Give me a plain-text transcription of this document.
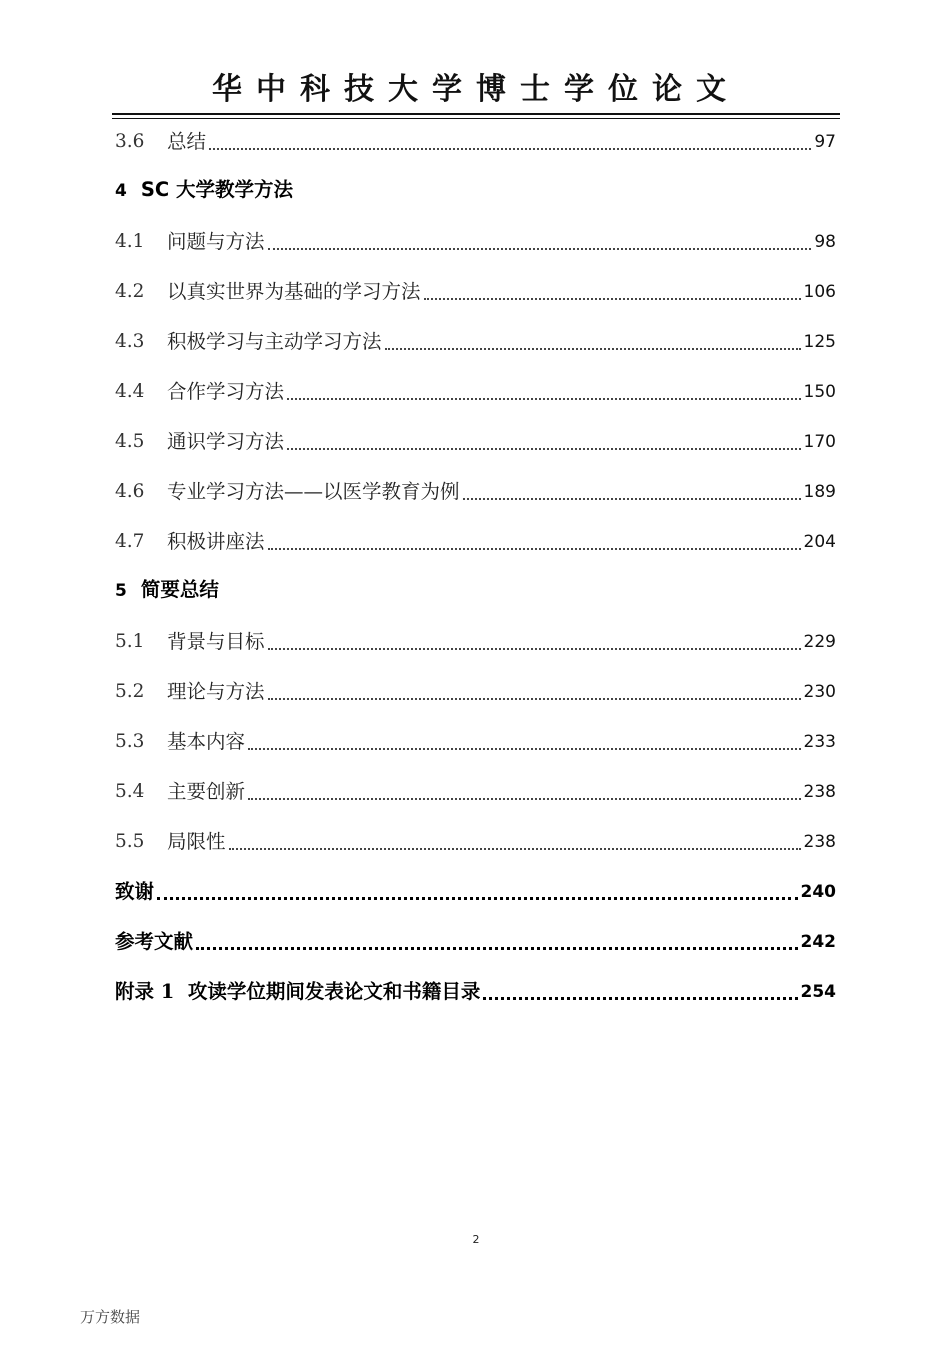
华中科技大学博士学位论文
3.6	总结	97
4 SC 大学教学方法
4.1	问题与方法	98
4.2	以真实世界为基础的学习方法	106
4.3	积极学习与主动学习方法	125
4.4	合作学习方法	150
4.5	通识学习方法	170
4.6	专业学习方法——以医学教育为例	189
4.7	积极讲座法	204
5 简要总结
5.1	背景与目标	229
5.2	理论与方法	230
5.3	基本内容	233
5.4	主要创新	238
5.5	局限性	238
致谢	240
参考文献	242
附录 1  攻读学位期间发表论文和书籍目录	254
2
万方数据
